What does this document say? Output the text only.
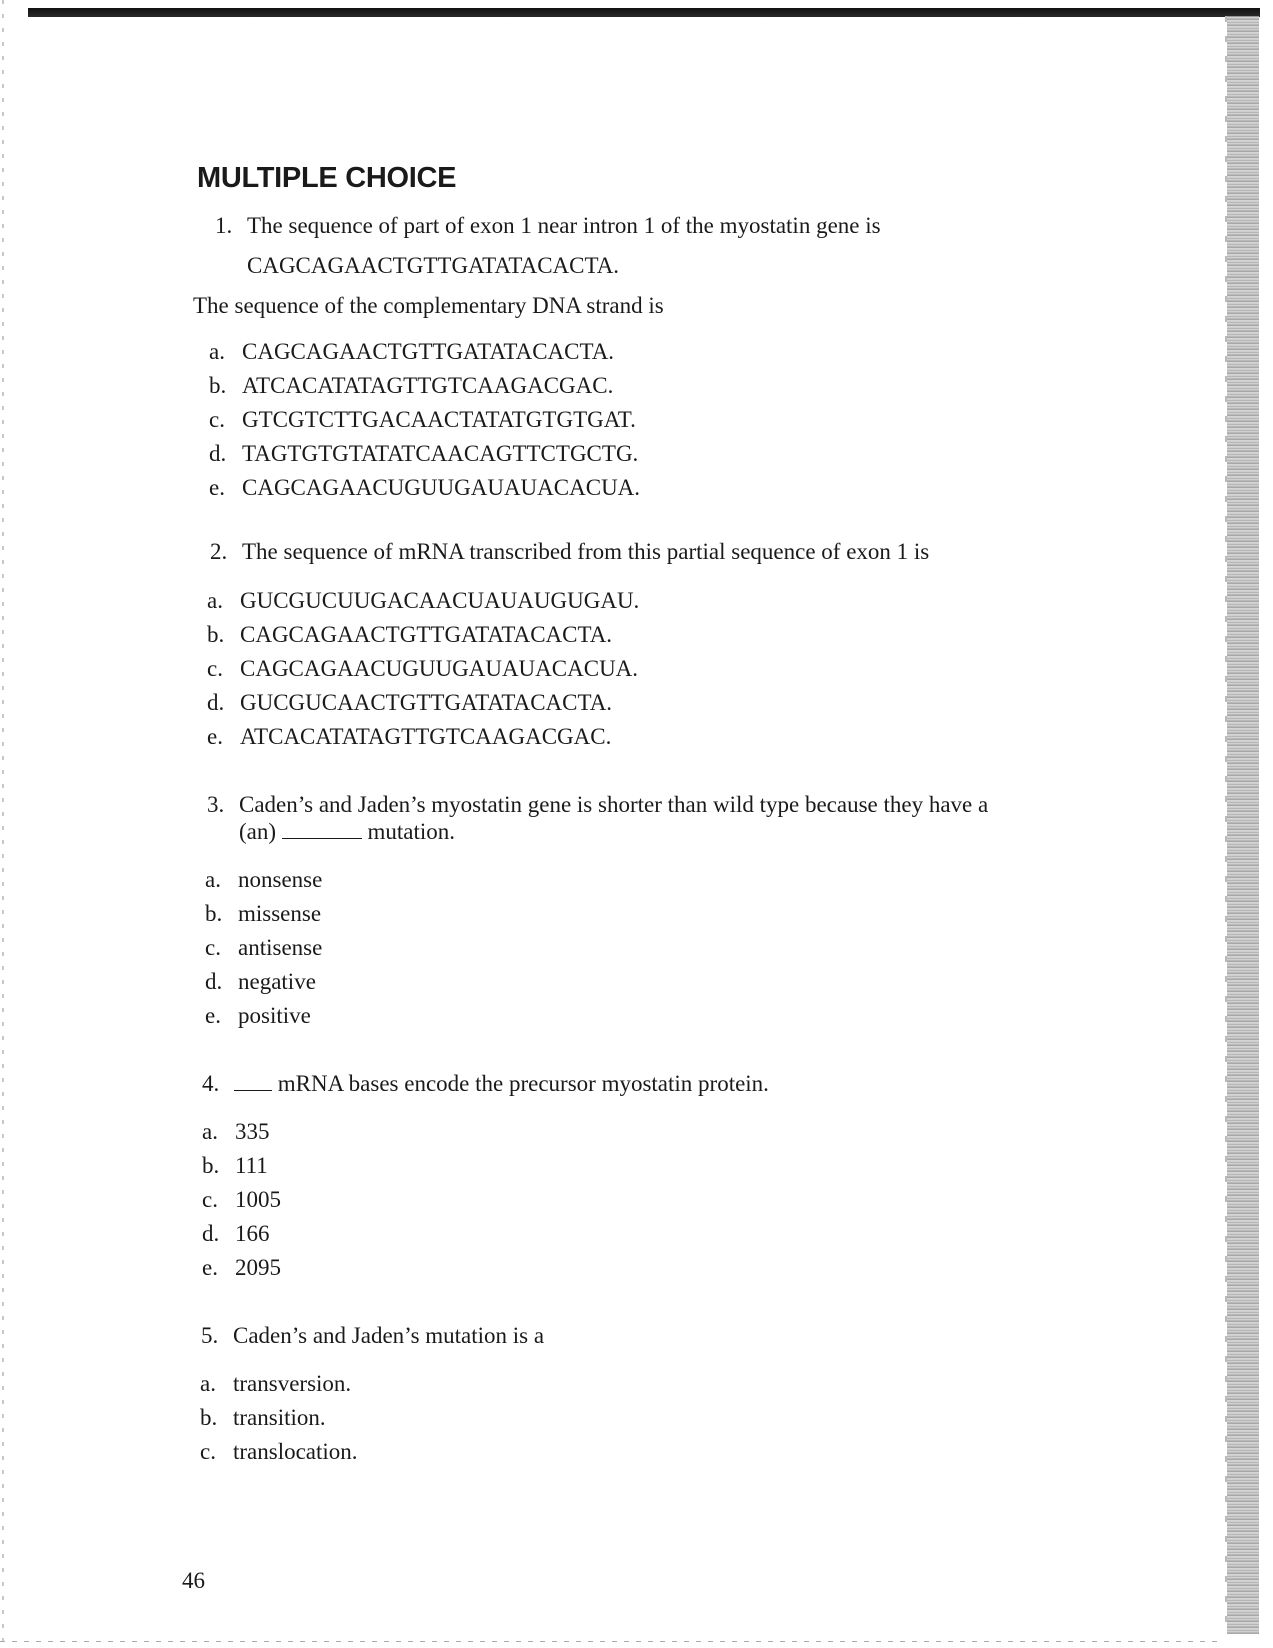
MULTIPLE CHOICE
1. The sequence of part of exon 1 near intron 1 of the myostatin gene is
CAGCAGAACTGTTGATATACACTA.
The sequence of the complementary DNA strand is
a. CAGCAGAACTGTTGATATACACTA.
b. ATCACATATAGTTGTCAAGACGAC.
c. GTCGTCTTGACAACTATATGTGTGAT.
d. TAGTGTGTATATCAACAGTTCTGCTG.
e. CAGCAGAACUGUUGAUAUACACUA.
2. The sequence of mRNA transcribed from this partial sequence of exon 1 is
a. GUCGUCUUGACAACUAUAUGUGAU.
b. CAGCAGAACTGTTGATATACACTA.
c. CAGCAGAACUGUUGAUAUACACUA.
d. GUCGUCAACTGTTGATATACACTA.
e. ATCACATATAGTTGTCAAGACGAC.
3. Caden’s and Jaden’s myostatin gene is shorter than wild type because they have a
(an)	mutation.
a. nonsense
b. missense
c. antisense
d. negative
e. positive
4.	mRNA bases encode the precursor myostatin protein.
a. 335
b. 111
c. 1005
d. 166
e. 2095
5. Caden’s and Jaden’s mutation is a
a. transversion.
b. transition.
c. translocation.
46
